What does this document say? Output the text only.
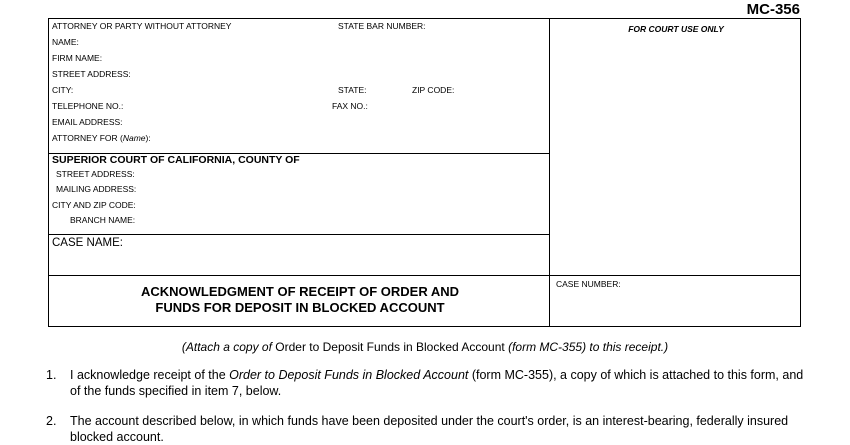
MC-356
ATTORNEY OR PARTY WITHOUT ATTORNEY	STATE BAR NUMBER:
NAME:
FIRM NAME:
STREET ADDRESS:
CITY:	STATE:	ZIP CODE:
TELEPHONE NO.:	FAX NO.:
EMAIL ADDRESS:
ATTORNEY FOR (Name):
FOR COURT USE ONLY
SUPERIOR COURT OF CALIFORNIA, COUNTY OF
STREET ADDRESS:
MAILING ADDRESS:
CITY AND ZIP CODE:
BRANCH NAME:
CASE NAME:
ACKNOWLEDGMENT OF RECEIPT OF ORDER AND
FUNDS FOR DEPOSIT IN BLOCKED ACCOUNT
CASE NUMBER:
(Attach a copy of Order to Deposit Funds in Blocked Account (form MC-355) to this receipt.)
1. I acknowledge receipt of the Order to Deposit Funds in Blocked Account (form MC-355), a copy of which is attached to this form, and of the funds specified in item 7, below.
2. The account described below, in which funds have been deposited under the court's order, is an interest-bearing, federally insured blocked account.
